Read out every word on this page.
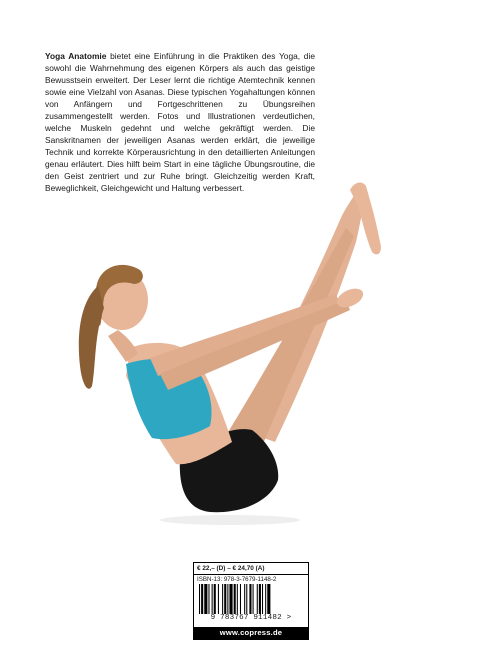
Yoga Anatomie bietet eine Einführung in die Praktiken des Yoga, die sowohl die Wahrnehmung des eigenen Körpers als auch das geistige Bewusstsein erweitert. Der Leser lernt die richtige Atemtechnik kennen sowie eine Vielzahl von Asanas. Diese typischen Yogahaltungen können von Anfängern und Fortgeschrittenen zu Übungsreihen zusammengestellt werden. Fotos und Illustrationen verdeutlichen, welche Muskeln gedehnt und welche gekräftigt werden. Die Sanskritnamen der jeweiligen Asanas werden erklärt, die jeweilige Technik und korrekte Körperausrichtung in den detaillierten Anleitungen genau erläutert. Dies hilft beim Start in eine tägliche Übungsroutine, die den Geist zentriert und zur Ruhe bringt. Gleichzeitig werden Kraft, Beweglichkeit, Gleichgewicht und Haltung verbessert.
€ 22,– (D) – € 24,70 (A)
ISBN-13: 978-3-7679-1148-2
9 783767 911482 >
www.copress.de
